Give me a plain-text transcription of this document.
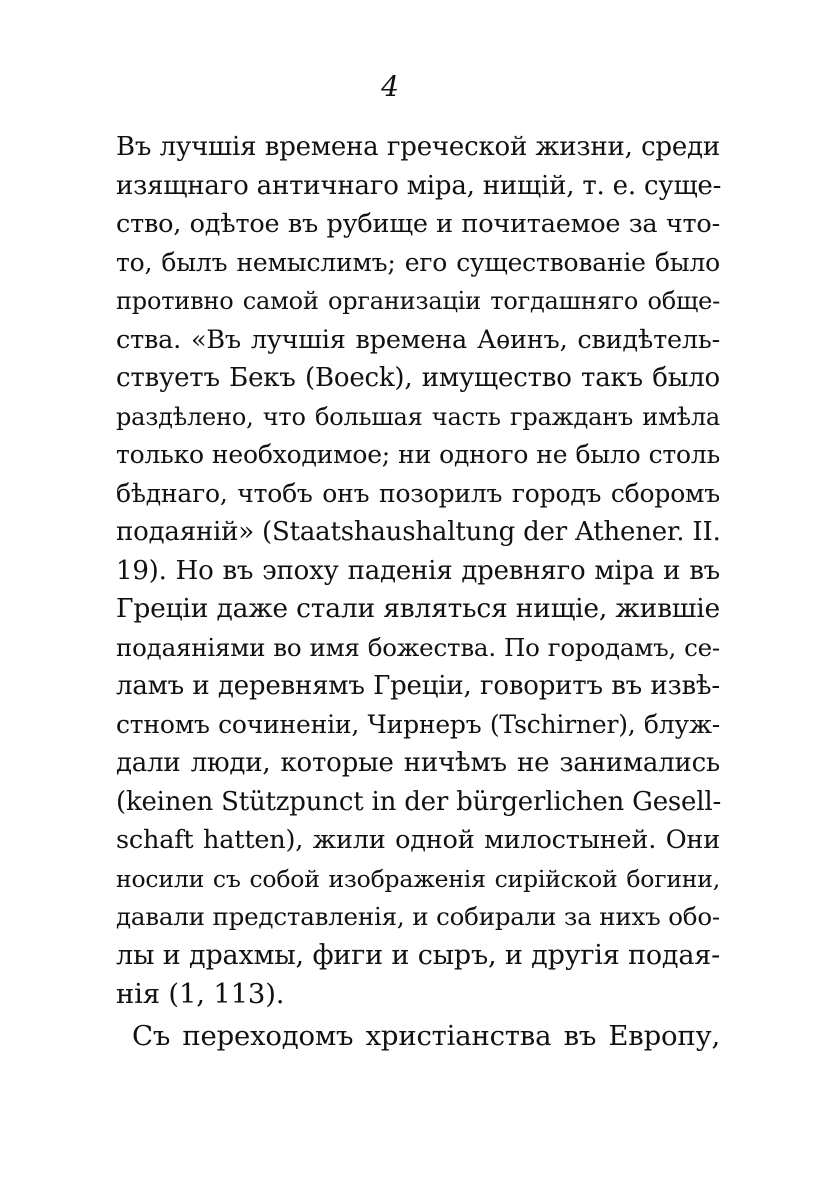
4
Въ лучшія времена греческой жизни, среди
изящнаго античнаго міра, нищій, т. е. суще-
ство, одѣтое въ рубище и почитаемое за что-
то, былъ немыслимъ; его существованіе было
противно самой организаціи тогдашняго обще-
ства. «Въ лучшія времена Аѳинъ, свидѣтель-
ствуетъ Бекъ (Boeck), имущество такъ было
раздѣлено, что большая часть гражданъ имѣла
только необходимое; ни одного не было столь
бѣднаго, чтобъ онъ позорилъ городъ сборомъ
подаяній» (Staatshaushaltung der Athener. II.
19). Но въ эпоху паденія древняго міра и въ
Греціи даже стали являться нищіе, жившіе
подаяніями во имя божества. По городамъ, се-
ламъ и деревнямъ Греціи, говоритъ въ извѣ-
стномъ сочиненіи, Чирнеръ (Tschirner), блуж-
дали люди, которые ничѣмъ не занимались
(keinen Stützpunct in der bürgerlichen Gesell-
schaft hatten), жили одной милостыней. Они
носили съ собой изображенія сирійской богини,
давали представленія, и собирали за нихъ обо-
лы и драхмы, фиги и сыръ, и другія подая-
нія (1, 113).
Съ переходомъ христіанства въ Европу,
